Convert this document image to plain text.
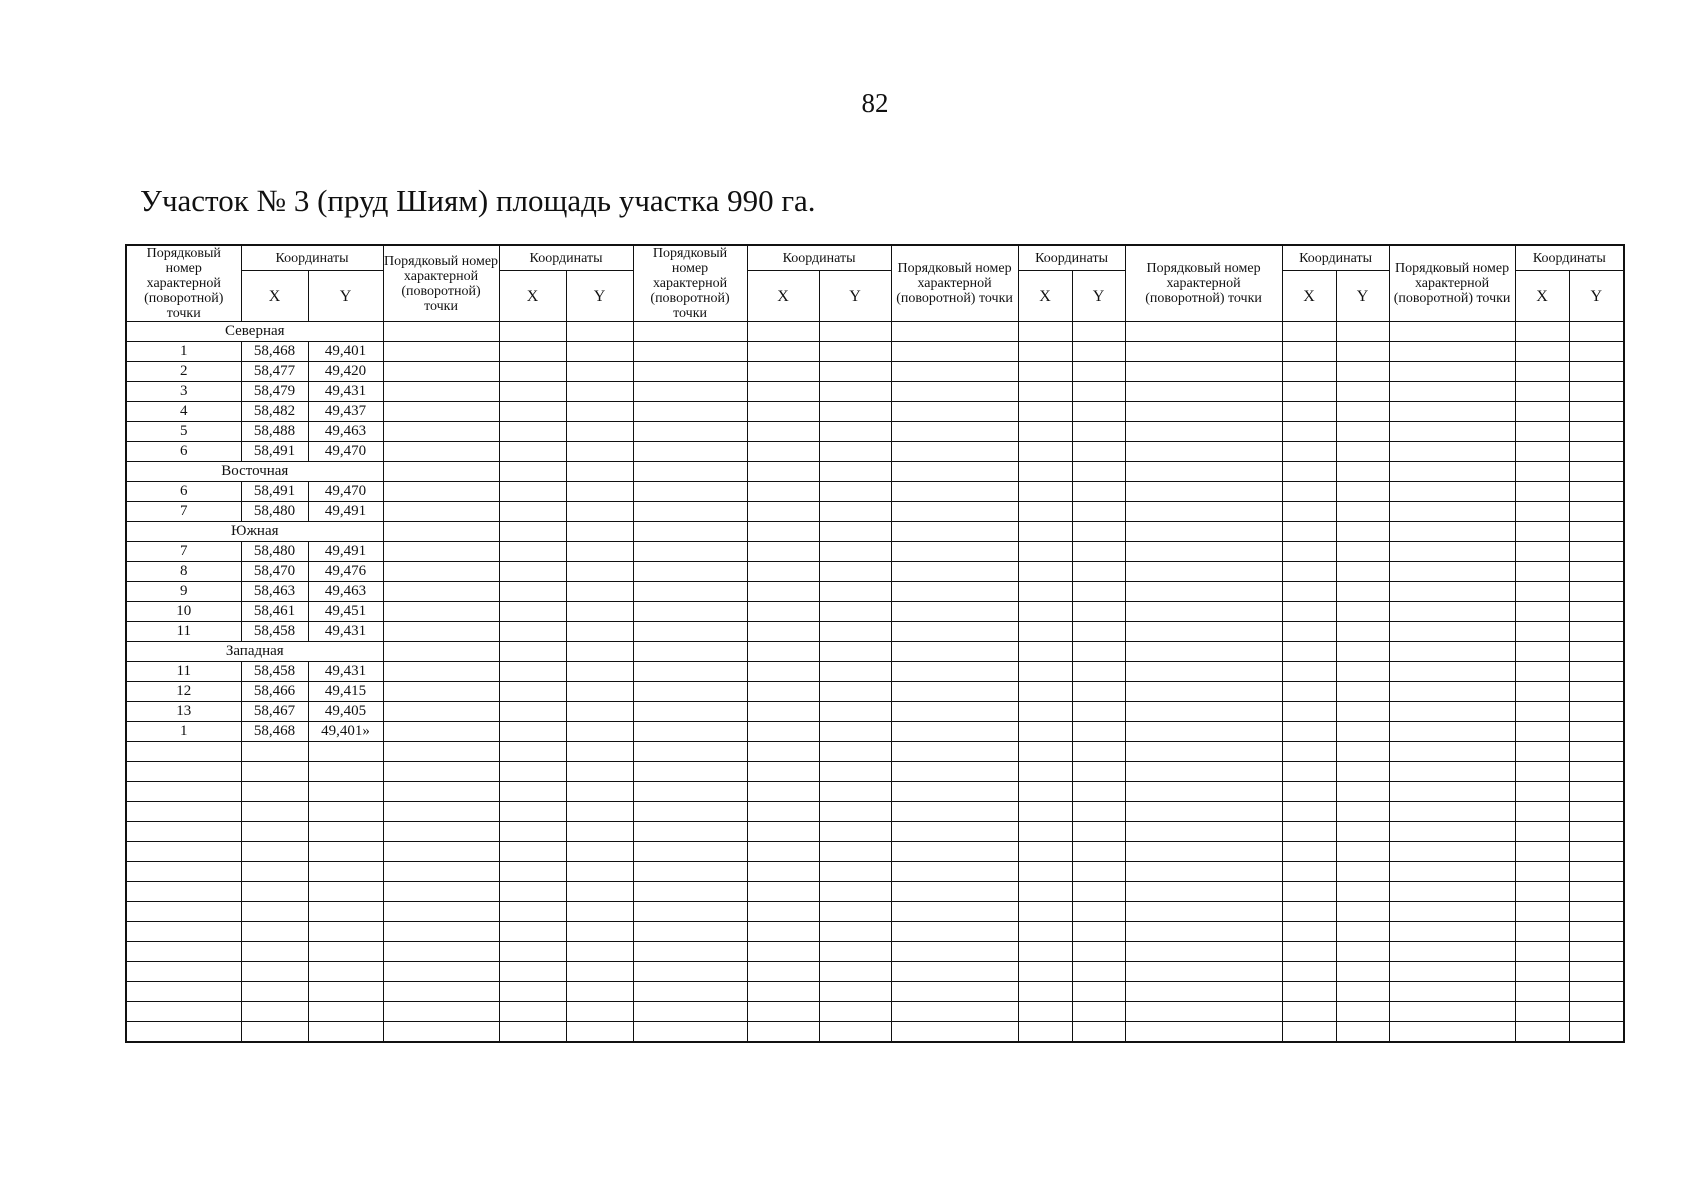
82
Участок № 3 (пруд Шиям) площадь участка 990 га.
Порядковый номер характерной (поворотной) точки	Координаты		Порядковый номер характерной (поворотной) точки	Координаты		Порядковый номер характерной (поворотной) точки	Координаты		Порядковый номер характерной (поворотной) точки	Координаты		Порядковый номер характерной (поворотной) точки	Координаты		Порядковый номер характерной (поворотной) точки	Координаты	
	X	Y		X	Y		X	Y		X	Y		X	Y		X	Y
Северная																	
1	58,468	49,401															
2	58,477	49,420															
3	58,479	49,431															
4	58,482	49,437															
5	58,488	49,463															
6	58,491	49,470															
Восточная																	
6	58,491	49,470															
7	58,480	49,491															
Южная																	
7	58,480	49,491															
8	58,470	49,476															
9	58,463	49,463															
10	58,461	49,451															
11	58,458	49,431															
Западная																	
11	58,458	49,431															
12	58,466	49,415															
13	58,467	49,405															
1	58,468	49,401»															
